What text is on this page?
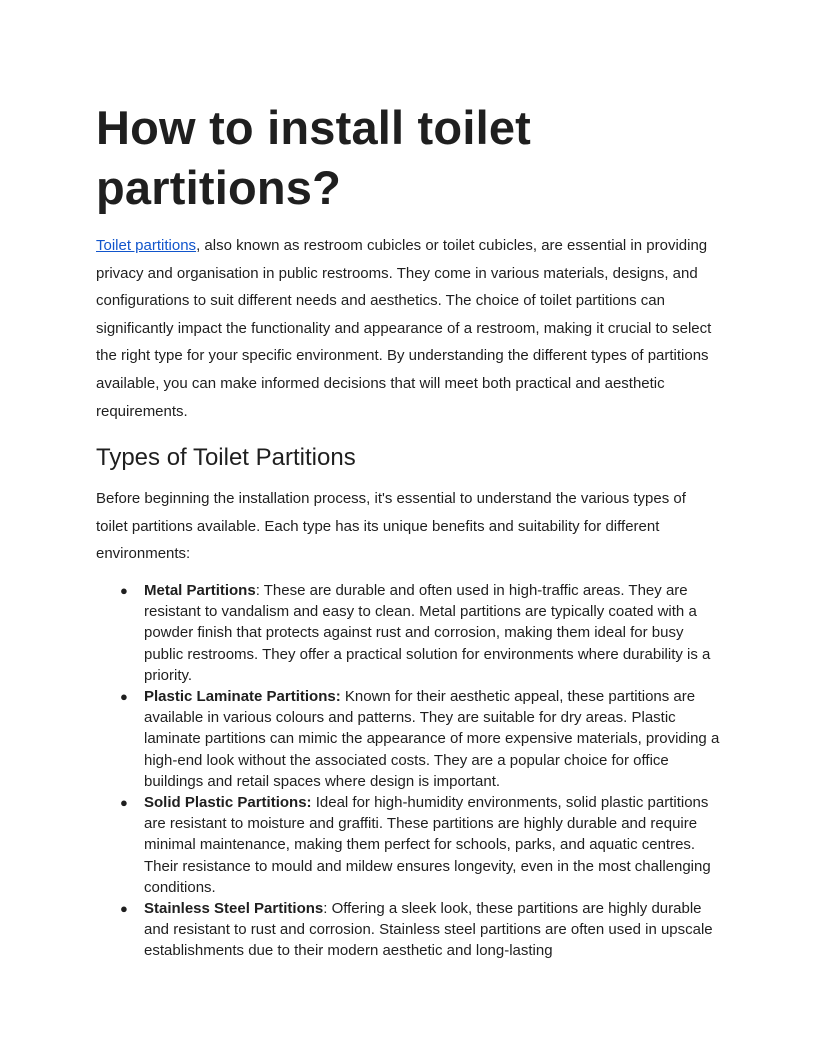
How to install toilet partitions?

Toilet partitions, also known as restroom cubicles or toilet cubicles, are essential in providing privacy and organisation in public restrooms. They come in various materials, designs, and configurations to suit different needs and aesthetics. The choice of toilet partitions can significantly impact the functionality and appearance of a restroom, making it crucial to select the right type for your specific environment. By understanding the different types of partitions available, you can make informed decisions that will meet both practical and aesthetic requirements.

Types of Toilet Partitions

Before beginning the installation process, it's essential to understand the various types of toilet partitions available. Each type has its unique benefits and suitability for different environments:

● Metal Partitions: These are durable and often used in high-traffic areas. They are resistant to vandalism and easy to clean. Metal partitions are typically coated with a powder finish that protects against rust and corrosion, making them ideal for busy public restrooms. They offer a practical solution for environments where durability is a priority.
● Plastic Laminate Partitions: Known for their aesthetic appeal, these partitions are available in various colours and patterns. They are suitable for dry areas. Plastic laminate partitions can mimic the appearance of more expensive materials, providing a high-end look without the associated costs. They are a popular choice for office buildings and retail spaces where design is important.
● Solid Plastic Partitions: Ideal for high-humidity environments, solid plastic partitions are resistant to moisture and graffiti. These partitions are highly durable and require minimal maintenance, making them perfect for schools, parks, and aquatic centres. Their resistance to mould and mildew ensures longevity, even in the most challenging conditions.
● Stainless Steel Partitions: Offering a sleek look, these partitions are highly durable and resistant to rust and corrosion. Stainless steel partitions are often used in upscale establishments due to their modern aesthetic and long-lasting
